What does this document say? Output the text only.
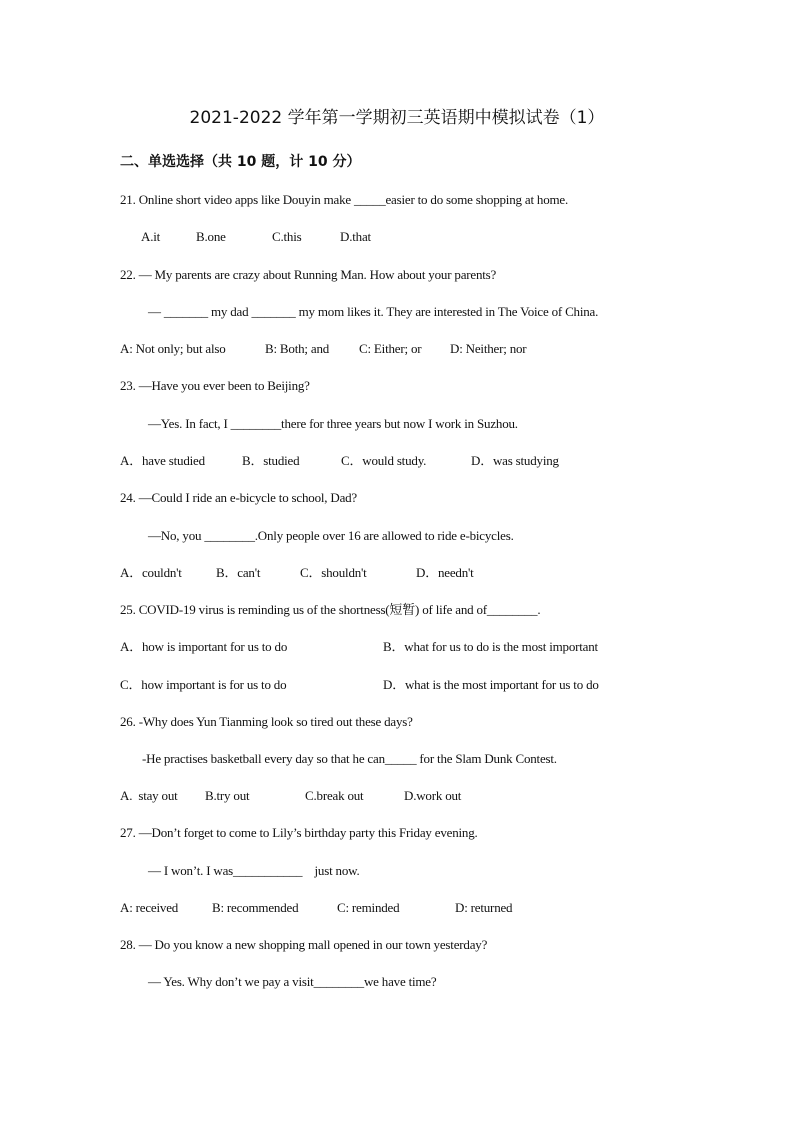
2021-2022 学年第一学期初三英语期中模拟试卷（1）
二、单选选择（共 10 题，计 10 分）
21. Online short video apps like Douyin make _____easier to do some shopping at home.
A.it	B.one	C.this	D.that
22. — My parents are crazy about Running Man. How about your parents?
— _______ my dad _______ my mom likes it. They are interested in The Voice of China.
A: Not only; but also	B: Both; and C: Either; or D: Neither; nor
23. —Have you ever been to Beijing?
—Yes. In fact, I ________there for three years but now I work in Suzhou.
A．have studied	B．studied	C．would study.	D．was studying
24. —Could I ride an e-bicycle to school, Dad?
—No, you ________.Only people over 16 are allowed to ride e-bicycles.
A．couldn't	B．can't	C．shouldn't	D．needn't
25. COVID-19 virus is reminding us of the shortness(短暂) of life and of________.
A．how is important for us to do	B．what for us to do is the most important
C．how important is for us to do	D．what is the most important for us to do
26. -Why does Yun Tianming look so tired out these days?
-He practises basketball every day so that he can_____ for the Slam Dunk Contest.
A.  stay out B.try out	C.break out	D.work out
27. —Don’t forget to come to Lily’s birthday party this Friday evening.
— I won’t. I was___________    just now.
A: received	B: recommended	C: reminded	D: returned
28. — Do you know a new shopping mall opened in our town yesterday?
— Yes. Why don’t we pay a visit________we have time?
